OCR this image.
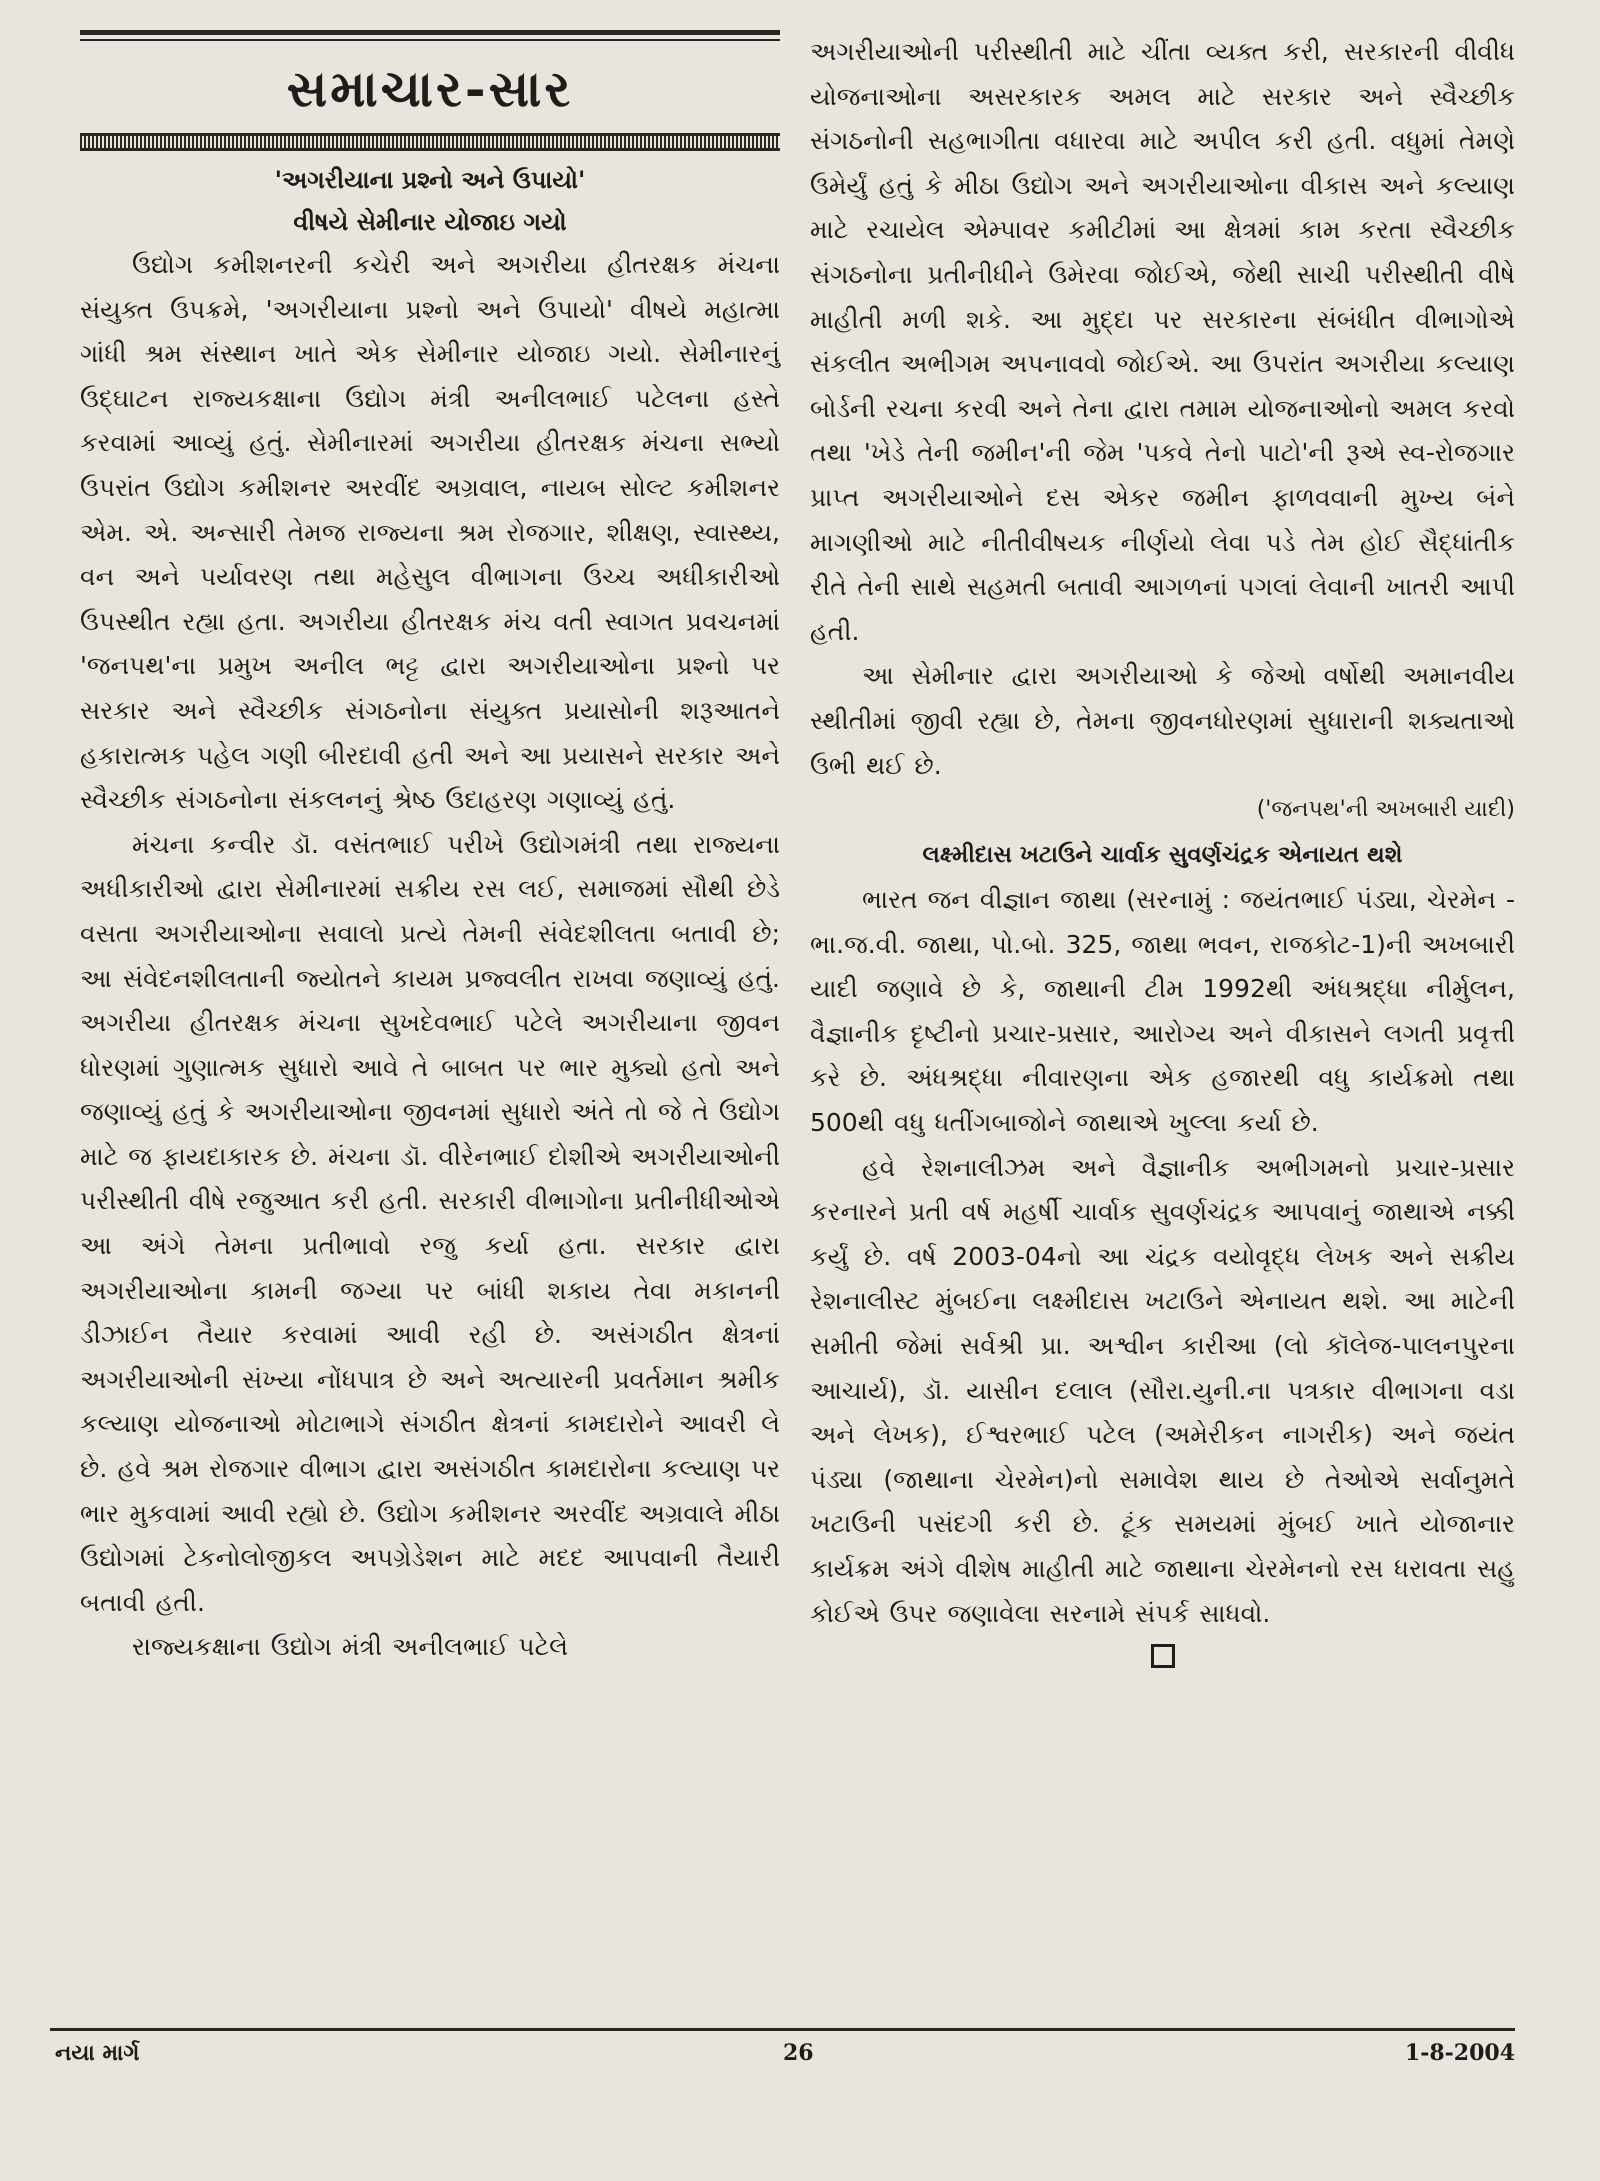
સમાચાર-સાર
'અગરીયાના પ્રશ્નો અને ઉપાયો'
વીષયે સેમીનાર યોજાઇ ગયો

ઉદ્યોગ કમીશનરની કચેરી અને અગરીયા હીતરક્ષક મંચના સંયુક્ત ઉપક્રમે, 'અગરીયાના પ્રશ્નો અને ઉપાયો' વીષયે મહાત્મા ગાંધી શ્રમ સંસ્થાન ખાતે એક સેમીનાર યોજાઇ ગયો. સેમીનારનું ઉદ્ઘાટન રાજ્યકક્ષાના ઉદ્યોગ મંત્રી અનીલભાઈ પટેલના હસ્તે કરવામાં આવ્યું હતું. સેમીનારમાં અગરીયા હીતરક્ષક મંચના સભ્યો ઉપરાંત ઉદ્યોગ કમીશનર અરવીંદ અગ્રવાલ, નાયબ સોલ્ટ કમીશનર એમ. એ. અન્સારી તેમજ રાજ્યના શ્રમ રોજગાર, શીક્ષણ, સ્વાસ્થ્ય, વન અને પર્યાવરણ તથા મહેસુલ વીભાગના ઉચ્ચ અધીકારીઓ ઉપસ્થીત રહ્યા હતા. અગરીયા હીતરક્ષક મંચ વતી સ્વાગત પ્રવચનમાં 'જનપથ'ના પ્રમુખ અનીલ ભટ્ટ દ્વારા અગરીયાઓના પ્રશ્નો પર સરકાર અને સ્વૈચ્છીક સંગઠનોના સંયુક્ત પ્રયાસોની શરૂઆતને હકારાત્મક પહેલ ગણી બીરદાવી હતી અને આ પ્રયાસને સરકાર અને સ્વૈચ્છીક સંગઠનોના સંકલનનું શ્રેષ્ઠ ઉદાહરણ ગણાવ્યું હતું.

મંચના કન્વીર ડૉ. વસંતભાઈ પરીખે ઉદ્યોગમંત્રી તથા રાજ્યના અધીકારીઓ દ્વારા સેમીનારમાં સક્રીય રસ લઈ, સમાજમાં સૌથી છેડે વસતા અગરીયાઓના સવાલો પ્રત્યે તેમની સંવેદશીલતા બતાવી છે; આ સંવેદનશીલતાની જ્યોતને કાયમ પ્રજ્વલીત રાખવા જણાવ્યું હતું. અગરીયા હીતરક્ષક મંચના સુખદેવભાઈ પટેલે અગરીયાના જીવન ધોરણમાં ગુણાત્મક સુધારો આવે તે બાબત પર ભાર મુક્યો હતો અને જણાવ્યું હતું કે અગરીયાઓના જીવનમાં સુધારો અંતે તો જે તે ઉદ્યોગ માટે જ ફાયદાકારક છે. મંચના ડૉ. વીરેનભાઈ દોશીએ અગરીયાઓની પરીસ્થીતી વીષે રજુઆત કરી હતી. સરકારી વીભાગોના પ્રતીનીધીઓએ આ અંગે તેમના પ્રતીભાવો રજુ કર્યા હતા. સરકાર દ્વારા અગરીયાઓના કામની જગ્યા પર બાંધી શકાય તેવા મકાનની ડીઝાઈન તૈયાર કરવામાં આવી રહી છે. અસંગઠીત ક્ષેત્રનાં અગરીયાઓની સંખ્યા નોંધપાત્ર છે અને અત્યારની પ્રવર્તમાન શ્રમીક કલ્યાણ યોજનાઓ મોટાભાગે સંગઠીત ક્ષેત્રનાં કામદારોને આવરી લે છે. હવે શ્રમ રોજગાર વીભાગ દ્વારા અસંગઠીત કામદારોના કલ્યાણ પર ભાર મુકવામાં આવી રહ્યો છે. ઉદ્યોગ કમીશનર અરવીંદ અગ્રવાલે મીઠા ઉદ્યોગમાં ટેકનોલોજીકલ અપગ્રેડેશન માટે મદદ આપવાની તૈયારી બતાવી હતી.

રાજ્યકક્ષાના ઉદ્યોગ મંત્રી અનીલભાઈ પટેલે

અગરીયાઓની પરીસ્થીતી માટે ચીંતા વ્યક્ત કરી, સરકારની વીવીધ યોજનાઓના અસરકારક અમલ માટે સરકાર અને સ્વૈચ્છીક સંગઠનોની સહભાગીતા વધારવા માટે અપીલ કરી હતી. વધુમાં તેમણે ઉમેર્યું હતું કે મીઠા ઉદ્યોગ અને અગરીયાઓના વીકાસ અને કલ્યાણ માટે રચાયેલ એમ્પાવર કમીટીમાં આ ક્ષેત્રમાં કામ કરતા સ્વૈચ્છીક સંગઠનોના પ્રતીનીધીને ઉમેરવા જોઈએ, જેથી સાચી પરીસ્થીતી વીષે માહીતી મળી શકે. આ મુદ્દા પર સરકારના સંબંધીત વીભાગોએ સંકલીત અભીગમ અપનાવવો જોઈએ. આ ઉપરાંત અગરીયા કલ્યાણ બોર્ડની રચના કરવી અને તેના દ્વારા તમામ યોજનાઓનો અમલ કરવો તથા 'ખેડે તેની જમીન'ની જેમ 'પકવે તેનો પાટો'ની રૂએ સ્વ-રોજગાર પ્રાપ્ત અગરીયાઓને દસ એકર જમીન ફાળવવાની મુખ્ય બંને માગણીઓ માટે નીતીવીષયક નીર્ણયો લેવા પડે તેમ હોઈ સૈદ્ધાંતીક રીતે તેની સાથે સહમતી બતાવી આગળનાં પગલાં લેવાની ખાતરી આપી હતી.

આ સેમીનાર દ્વારા અગરીયાઓ કે જેઓ વર્ષોથી અમાનવીય સ્થીતીમાં જીવી રહ્યા છે, તેમના જીવનધોરણમાં સુધારાની શક્યતાઓ ઉભી થઈ છે.

('જનપથ'ની અખબારી યાદી)
લક્ષ્મીદાસ ખટાઉને ચાર્વાક સુવર્ણચંદ્રક એનાયત થશે

ભારત જન વીજ્ઞાન જાથા (સરનામું : જયંતભાઈ પંડ્યા, ચેરમેન - ભા.જ.વી. જાથા, પો.બો. 325, જાથા ભવન, રાજકોટ-1)ની અખબારી યાદી જણાવે છે કે, જાથાની ટીમ 1992થી અંધશ્રદ્ધા નીર્મુલન, વૈજ્ઞાનીક દૃષ્ટીનો પ્રચાર-પ્રસાર, આરોગ્ય અને વીકાસને લગતી પ્રવૃત્તી કરે છે. અંધશ્રદ્ધા નીવારણના એક હજારથી વધુ કાર્યક્રમો તથા 500થી વધુ ધતીંગબાજોને જાથાએ ખુલ્લા કર્યા છે.

હવે રેશનાલીઝમ અને વૈજ્ઞાનીક અભીગમનો પ્રચાર-પ્રસાર કરનારને પ્રતી વર્ષ મહર્ષી ચાર્વાક સુવર્ણચંદ્રક આપવાનું જાથાએ નક્કી કર્યું છે. વર્ષ 2003-04નો આ ચંદ્રક વયોવૃદ્ધ લેખક અને સક્રીય રેશનાલીસ્ટ મુંબઈના લક્ષ્મીદાસ ખટાઉને એનાયત થશે. આ માટેની સમીતી જેમાં સર્વશ્રી પ્રા. અશ્વીન કારીઆ (લો કૉલેજ-પાલનપુરના આચાર્ય), ડૉ. યાસીન દલાલ (સૌરા.યુની.ના પત્રકાર વીભાગના વડા અને લેખક), ઈશ્વરભાઈ પટેલ (અમેરીકન નાગરીક) અને જયંત પંડ્યા (જાથાના ચેરમેન)નો સમાવેશ થાય છે તેઓએ સર્વાનુમતે ખટાઉની પસંદગી કરી છે. ટૂંક સમયમાં મુંબઈ ખાતે યોજાનાર કાર્યક્રમ અંગે વીશેષ માહીતી માટે જાથાના ચેરમેનનો રસ ધરાવતા સહુ કોઈએ ઉપર જણાવેલા સરનામે સંપર્ક સાધવો.

નયા માર્ગ	26	1-8-2004
